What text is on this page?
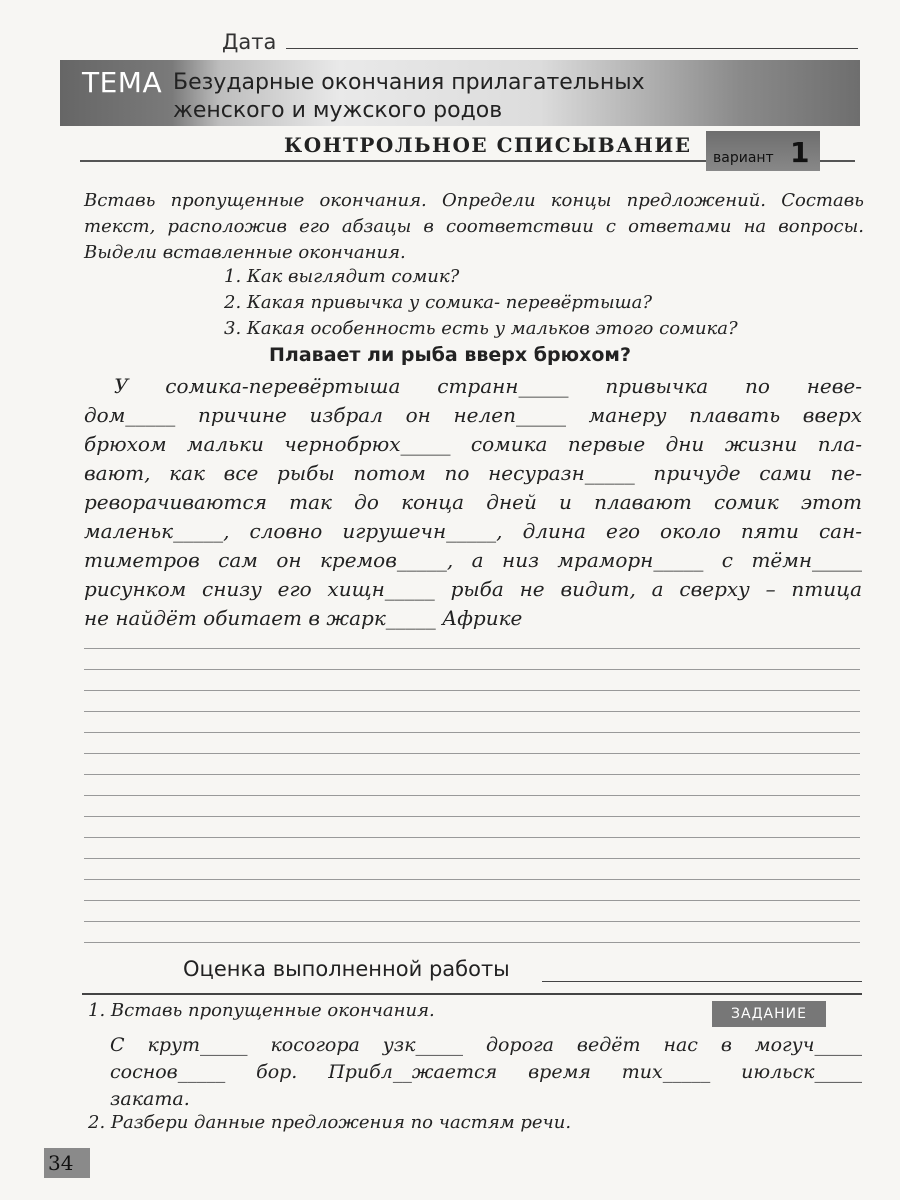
Дата
ТЕМА Безударные окончания прилагательных
женского и мужского родов
КОНТРОЛЬНОЕ СПИСЫВАНИЕ
вариант 1
Вставь пропущенные окончания. Определи концы предложений. Составь текст, расположив его абзацы в соответствии с ответами на вопросы. Выдели вставленные окончания.
1. Как выглядит сомик?
2. Какая привычка у сомика- перевёртыша?
3. Какая особенность есть у мальков этого сомика?
Плавает ли рыба вверх брюхом?
У сомика-перевёртыша странн_____ привычка по неве-
дом_____ причине избрал он нелеп_____ манеру плавать вверх
брюхом мальки чернобрюх_____ сомика первые дни жизни пла-
вают, как все рыбы потом по несуразн_____ причуде сами пе-
реворачиваются так до конца дней и плавают сомик этот
маленьк_____, словно игрушечн_____, длина его около пяти сан-
тиметров сам он кремов_____, а низ мраморн_____ с тёмн_____
рисунком снизу его хищн_____ рыба не видит, а сверху – птица
не найдёт обитает в жарк_____ Африке
Оценка выполненной работы
ЗАДАНИЕ
1. Вставь пропущенные окончания.
С крут_____ косогора узк_____ дорога ведёт нас в могуч_____
соснов_____ бор. Прибл__жается время тих_____ июльск_____
заката.
2. Разбери данные предложения по частям речи.
34
